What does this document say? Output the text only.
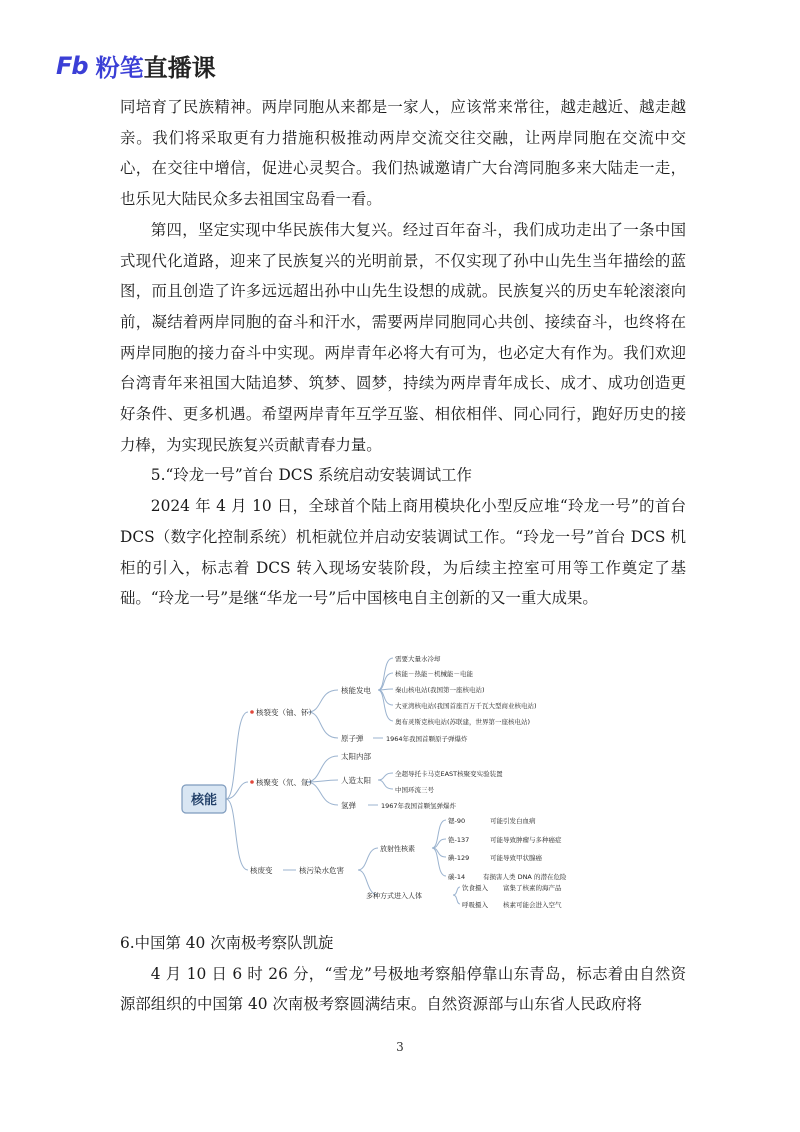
Fb 粉笔直播课

同培育了民族精神。两岸同胞从来都是一家人，应该常来常往，越走越近、越走越亲。我们将采取更有力措施积极推动两岸交流交往交融，让两岸同胞在交流中交心，在交往中增信，促进心灵契合。我们热诚邀请广大台湾同胞多来大陆走一走，也乐见大陆民众多去祖国宝岛看一看。

第四，坚定实现中华民族伟大复兴。经过百年奋斗，我们成功走出了一条中国式现代化道路，迎来了民族复兴的光明前景，不仅实现了孙中山先生当年描绘的蓝图，而且创造了许多远远超出孙中山先生设想的成就。民族复兴的历史车轮滚滚向前，凝结着两岸同胞的奋斗和汗水，需要两岸同胞同心共创、接续奋斗，也终将在两岸同胞的接力奋斗中实现。两岸青年必将大有可为，也必定大有作为。我们欢迎台湾青年来祖国大陆追梦、筑梦、圆梦，持续为两岸青年成长、成才、成功创造更好条件、更多机遇。希望两岸青年互学互鉴、相依相伴、同心同行，跑好历史的接力棒，为实现民族复兴贡献青春力量。

5.“玲龙一号”首台 DCS 系统启动安装调试工作

2024 年 4 月 10 日，全球首个陆上商用模块化小型反应堆“玲龙一号”的首台 DCS（数字化控制系统）机柜就位并启动安装调试工作。“玲龙一号”首台 DCS 机柜的引入，标志着 DCS 转入现场安装阶段，为后续主控室可用等工作奠定了基础。“玲龙一号”是继“华龙一号”后中国核电自主创新的又一重大成果。

核能
核裂变（铀、钚）
核聚变（氘、氚）
核废变
核能发电
需要大量水冷却
核能－热能－机械能－电能
秦山核电站(我国第一座核电站)
大亚湾核电站(我国首座百万千瓦大型商业核电站)
奥布灵斯克核电站(苏联建，世界第一座核电站)
原子弹	1964年我国首颗原子弹爆炸
太阳内部
人造太阳
全超导托卡马克EAST核聚变实验装置
中国环流三号
氢弹	1967年我国首颗氢弹爆炸
核污染水危害
放射性核素
锶-90	可能引发白血病
铯-137	可能导致肿瘤与多种癌症
碘-129	可能导致甲状腺癌
碳-14	有损害人类 DNA 的潜在危险
多种方式进入人体
饮食摄入 富集了核素的海产品
呼吸摄入 核素可能会进入空气

6.中国第 40 次南极考察队凯旋

4 月 10 日 6 时 26 分，“雪龙”号极地考察船停靠山东青岛，标志着由自然资源部组织的中国第 40 次南极考察圆满结束。自然资源部与山东省人民政府将

3
